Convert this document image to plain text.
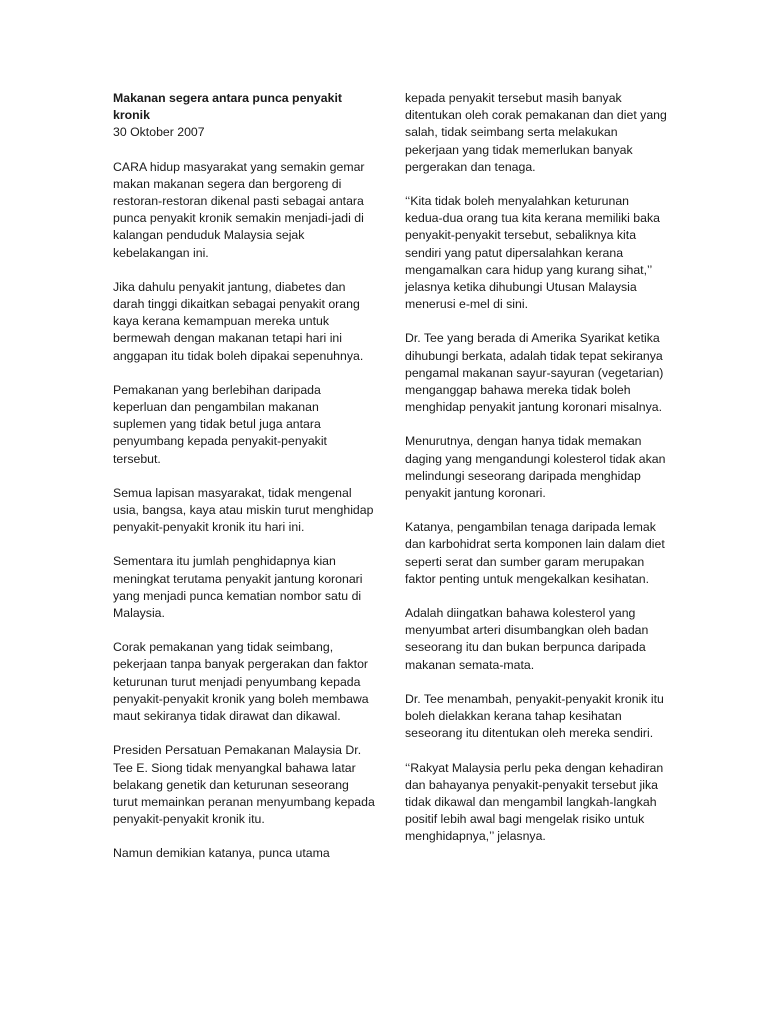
Makanan segera antara punca penyakit kronik

30 Oktober 2007

CARA hidup masyarakat yang semakin gemar makan makanan segera dan bergoreng di restoran-restoran dikenal pasti sebagai antara punca penyakit kronik semakin menjadi-jadi di kalangan penduduk Malaysia sejak kebelakangan ini.

Jika dahulu penyakit jantung, diabetes dan darah tinggi dikaitkan sebagai penyakit orang kaya kerana kemampuan mereka untuk bermewah dengan makanan tetapi hari ini anggapan itu tidak boleh dipakai sepenuhnya.

Pemakanan yang berlebihan daripada keperluan dan pengambilan makanan suplemen yang tidak betul juga antara penyumbang kepada penyakit-penyakit tersebut.

Semua lapisan masyarakat, tidak mengenal usia, bangsa, kaya atau miskin turut menghidap penyakit-penyakit kronik itu hari ini.

Sementara itu jumlah penghidapnya kian meningkat terutama penyakit jantung koronari yang menjadi punca kematian nombor satu di Malaysia.

Corak pemakanan yang tidak seimbang, pekerjaan tanpa banyak pergerakan dan faktor keturunan turut menjadi penyumbang kepada penyakit-penyakit kronik yang boleh membawa maut sekiranya tidak dirawat dan dikawal.

Presiden Persatuan Pemakanan Malaysia Dr. Tee E. Siong tidak menyangkal bahawa latar belakang genetik dan keturunan seseorang turut memainkan peranan menyumbang kepada penyakit-penyakit kronik itu.

Namun demikian katanya, punca utama

kepada penyakit tersebut masih banyak ditentukan oleh corak pemakanan dan diet yang salah, tidak seimbang serta melakukan pekerjaan yang tidak memerlukan banyak pergerakan dan tenaga.

‘‘Kita tidak boleh menyalahkan keturunan kedua-dua orang tua kita kerana memiliki baka penyakit-penyakit tersebut, sebaliknya kita sendiri yang patut dipersalahkan kerana mengamalkan cara hidup yang kurang sihat,’’ jelasnya ketika dihubungi Utusan Malaysia menerusi e-mel di sini.

Dr. Tee yang berada di Amerika Syarikat ketika dihubungi berkata, adalah tidak tepat sekiranya pengamal makanan sayur-sayuran (vegetarian) menganggap bahawa mereka tidak boleh menghidap penyakit jantung koronari misalnya.

Menurutnya, dengan hanya tidak memakan daging yang mengandungi kolesterol tidak akan melindungi seseorang daripada menghidap penyakit jantung koronari.

Katanya, pengambilan tenaga daripada lemak dan karbohidrat serta komponen lain dalam diet seperti serat dan sumber garam merupakan faktor penting untuk mengekalkan kesihatan.

Adalah diingatkan bahawa kolesterol yang menyumbat arteri disumbangkan oleh badan seseorang itu dan bukan berpunca daripada makanan semata-mata.

Dr. Tee menambah, penyakit-penyakit kronik itu boleh dielakkan kerana tahap kesihatan seseorang itu ditentukan oleh mereka sendiri.

‘‘Rakyat Malaysia perlu peka dengan kehadiran dan bahayanya penyakit-penyakit tersebut jika tidak dikawal dan mengambil langkah-langkah positif lebih awal bagi mengelak risiko untuk menghidapnya,’’ jelasnya.
